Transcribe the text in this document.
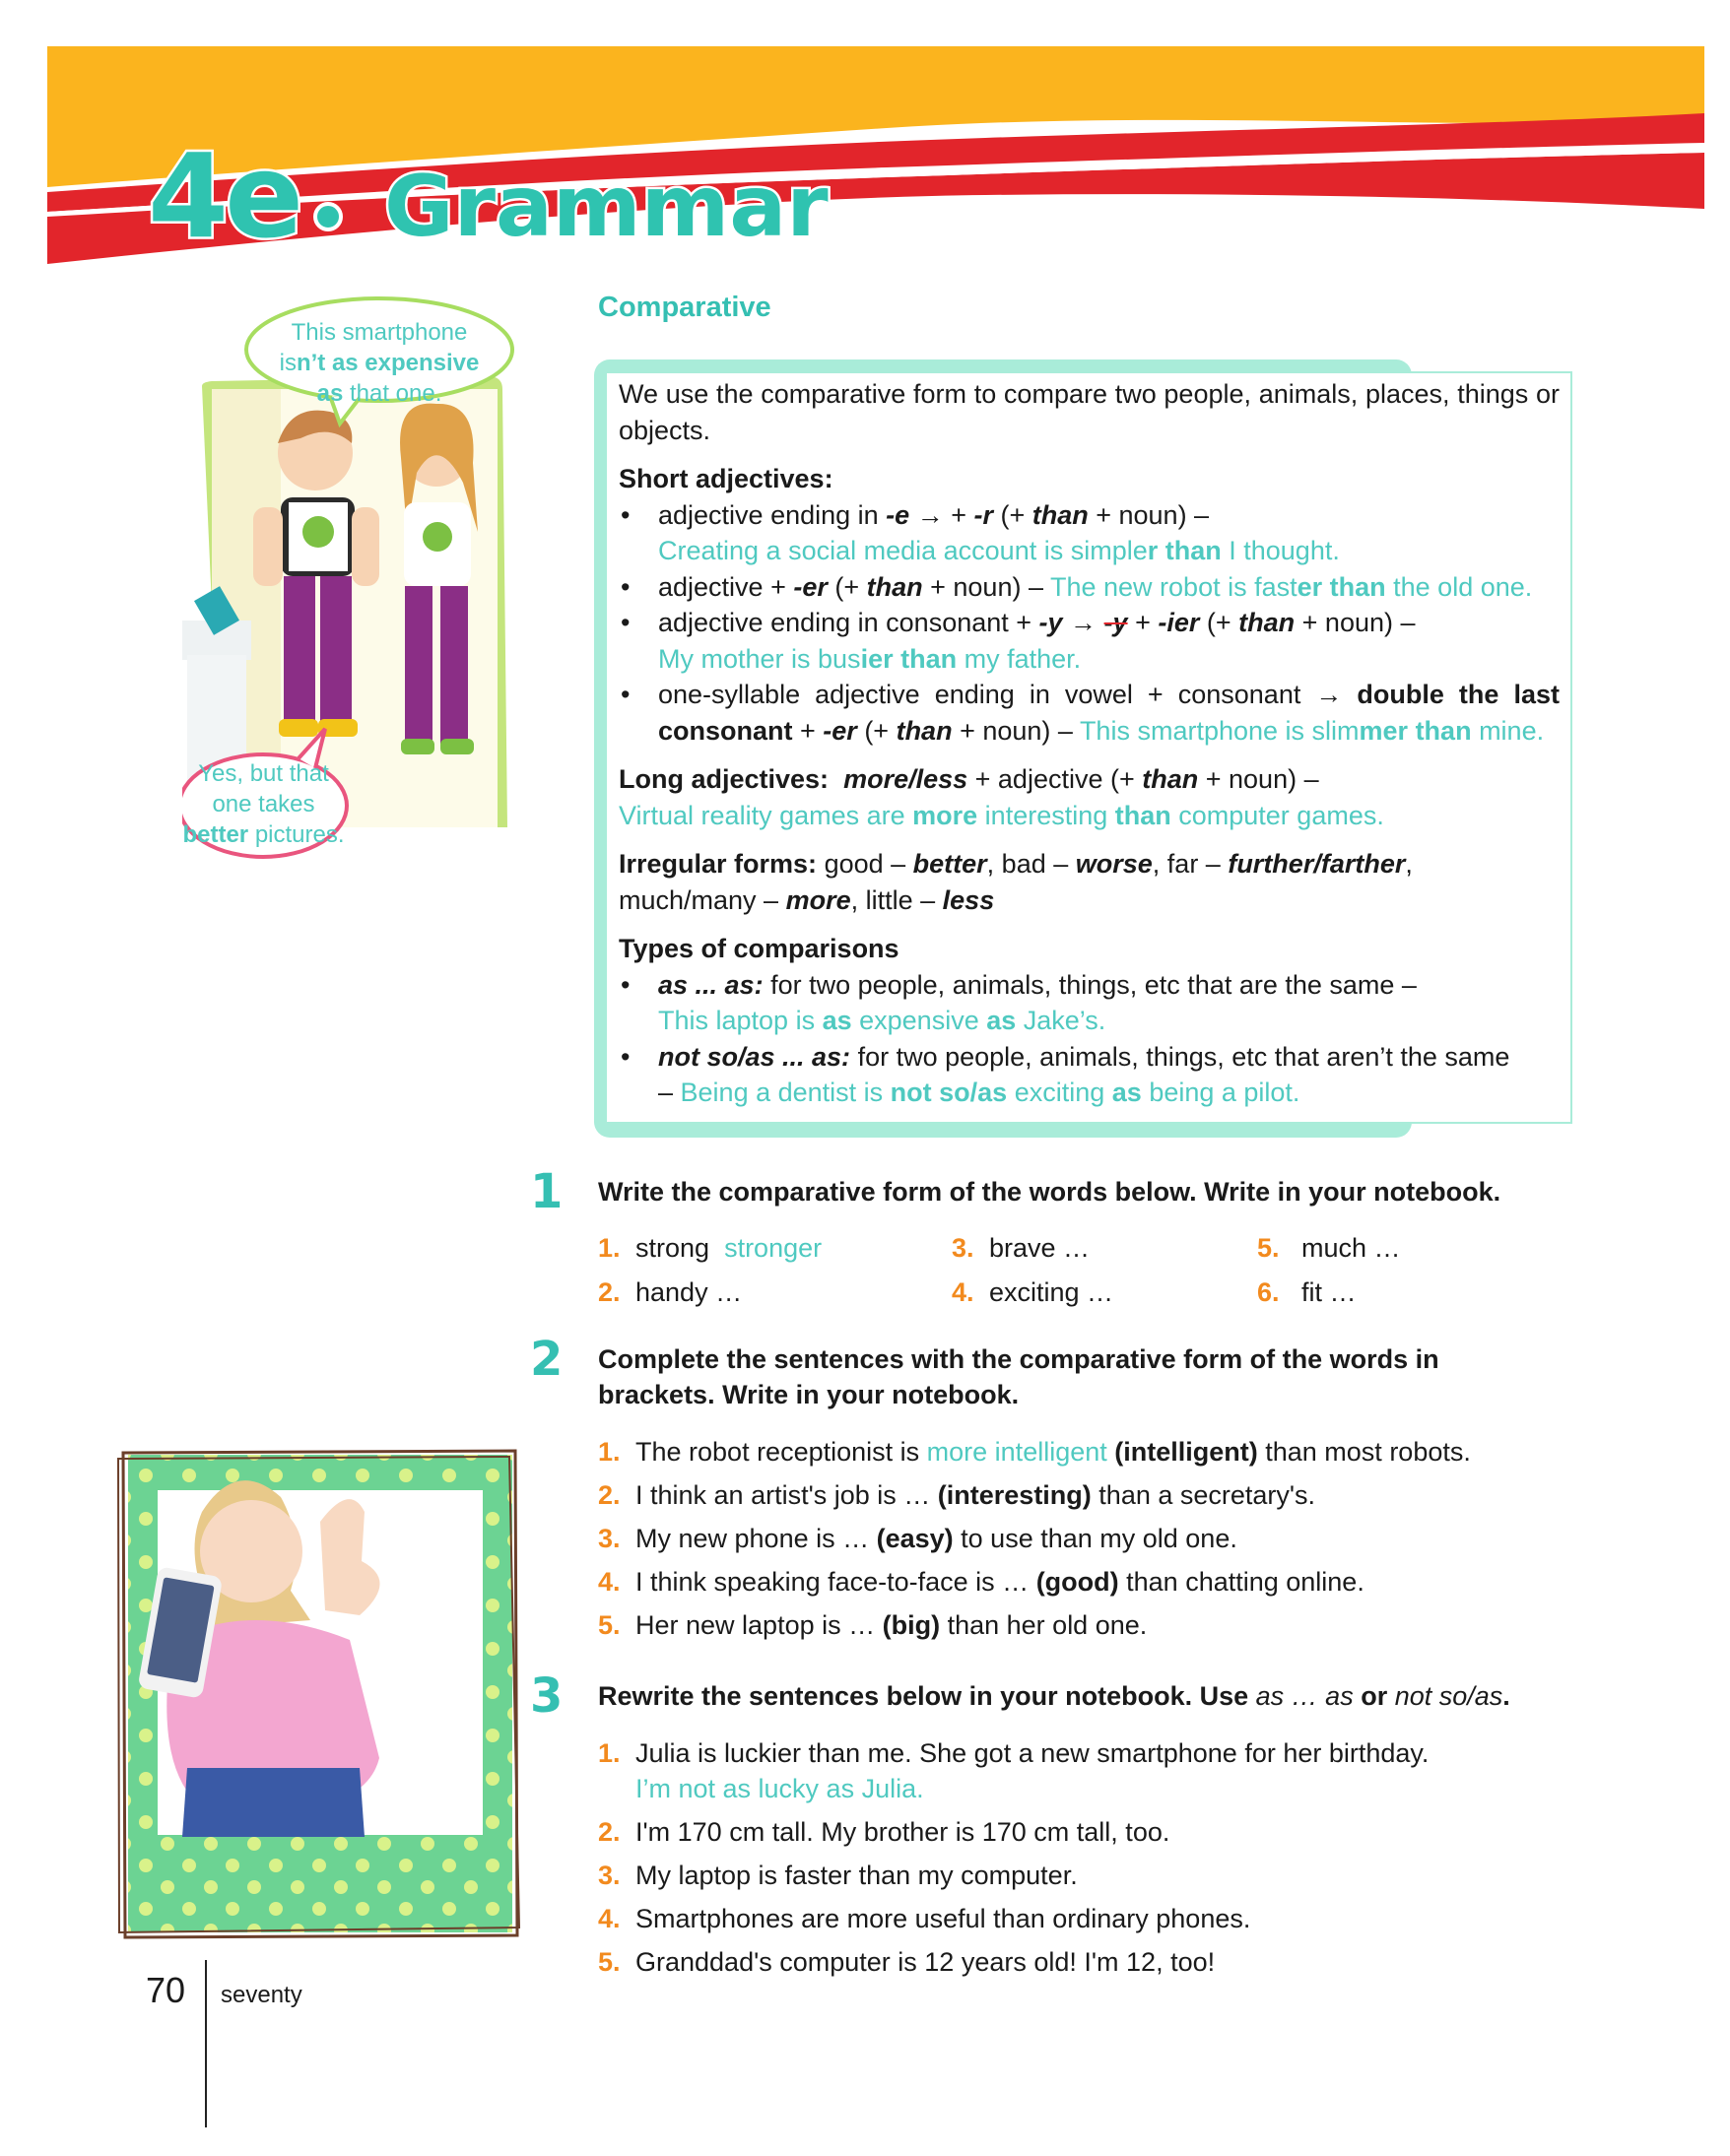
4e Grammar
This smartphone
isn’t as expensive
as that one.
Yes, but that
one takes
better pictures.
Comparative

We use the comparative form to compare two people, animals, places, things or objects.

Short adjectives:

• adjective ending in -e → + -r (+ than + noun) –
Creating a social media account is simpler than I thought.
• adjective + -er (+ than + noun) – The new robot is faster than the old one.
• adjective ending in consonant + -y → -y + -ier (+ than + noun) –
My mother is busier than my father.
• one-syllable adjective ending in vowel + consonant → double the last consonant + -er (+ than + noun) – This smartphone is slimmer than mine.

Long adjectives: more/less + adjective (+ than + noun) –
Virtual reality games are more interesting than computer games.

Irregular forms: good – better, bad – worse, far – further/farther,
much/many – more, little – less

Types of comparisons

• as ... as: for two people, animals, things, etc that are the same –
This laptop is as expensive as Jake’s.
• not so/as ... as: for two people, animals, things, etc that aren’t the same – Being a dentist is not so/as exciting as being a pilot.
1 Write the comparative form of the words below. Write in your notebook.
1. strong stronger
2. handy …
3. brave …
4. exciting …
5. much …
6. fit …
2 Complete the sentences with the comparative form of the words in brackets. Write in your notebook.
1. The robot receptionist is more intelligent (intelligent) than most robots.
2. I think an artist's job is … (interesting) than a secretary's.
3. My new phone is … (easy) to use than my old one.
4. I think speaking face-to-face is … (good) than chatting online.
5. Her new laptop is … (big) than her old one.
3 Rewrite the sentences below in your notebook. Use as … as or not so/as.
1. Julia is luckier than me. She got a new smartphone for her birthday.
I’m not as lucky as Julia.
2. I'm 170 cm tall. My brother is 170 cm tall, too.
3. My laptop is faster than my computer.
4. Smartphones are more useful than ordinary phones.
5. Granddad's computer is 12 years old! I'm 12, too!
70 seventy
